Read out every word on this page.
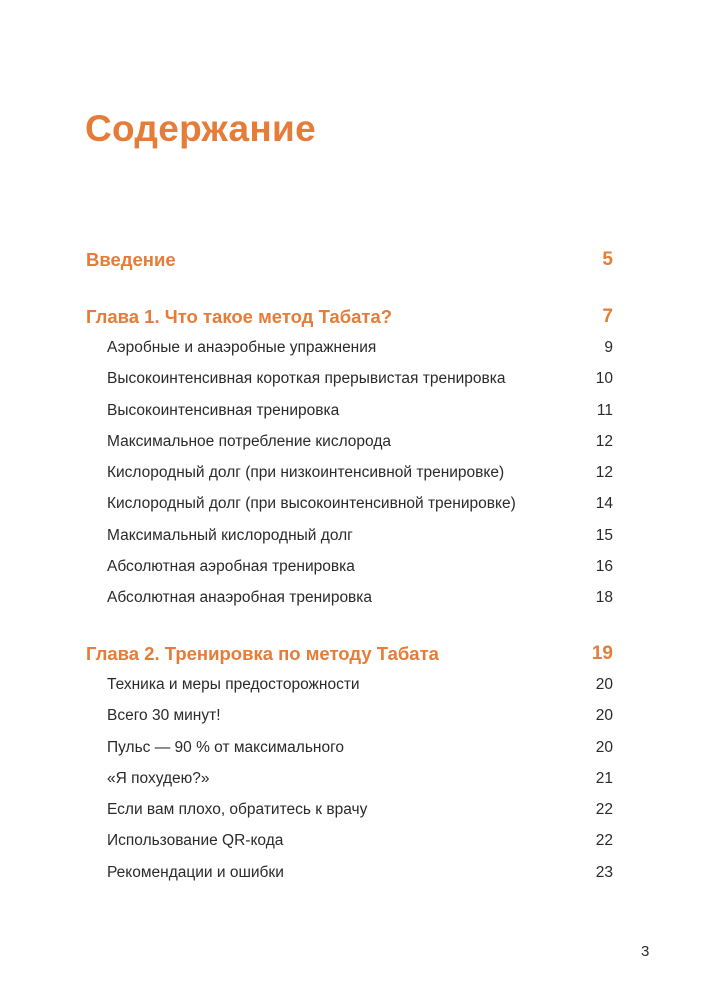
Содержание
Введение	5
Глава 1. Что такое метод Табата?	7
Аэробные и анаэробные упражнения	9
Высокоинтенсивная короткая прерывистая тренировка	10
Высокоинтенсивная тренировка	11
Максимальное потребление кислорода	12
Кислородный долг (при низкоинтенсивной тренировке)	12
Кислородный долг (при высокоинтенсивной тренировке)	14
Максимальный кислородный долг	15
Абсолютная аэробная тренировка	16
Абсолютная анаэробная тренировка	18
Глава 2. Тренировка по методу Табата	19
Техника и меры предосторожности	20
Всего 30 минут!	20
Пульс — 90 % от максимального	20
«Я похудею?»	21
Если вам плохо, обратитесь к врачу	22
Использование QR-кода	22
Рекомендации и ошибки	23
3
